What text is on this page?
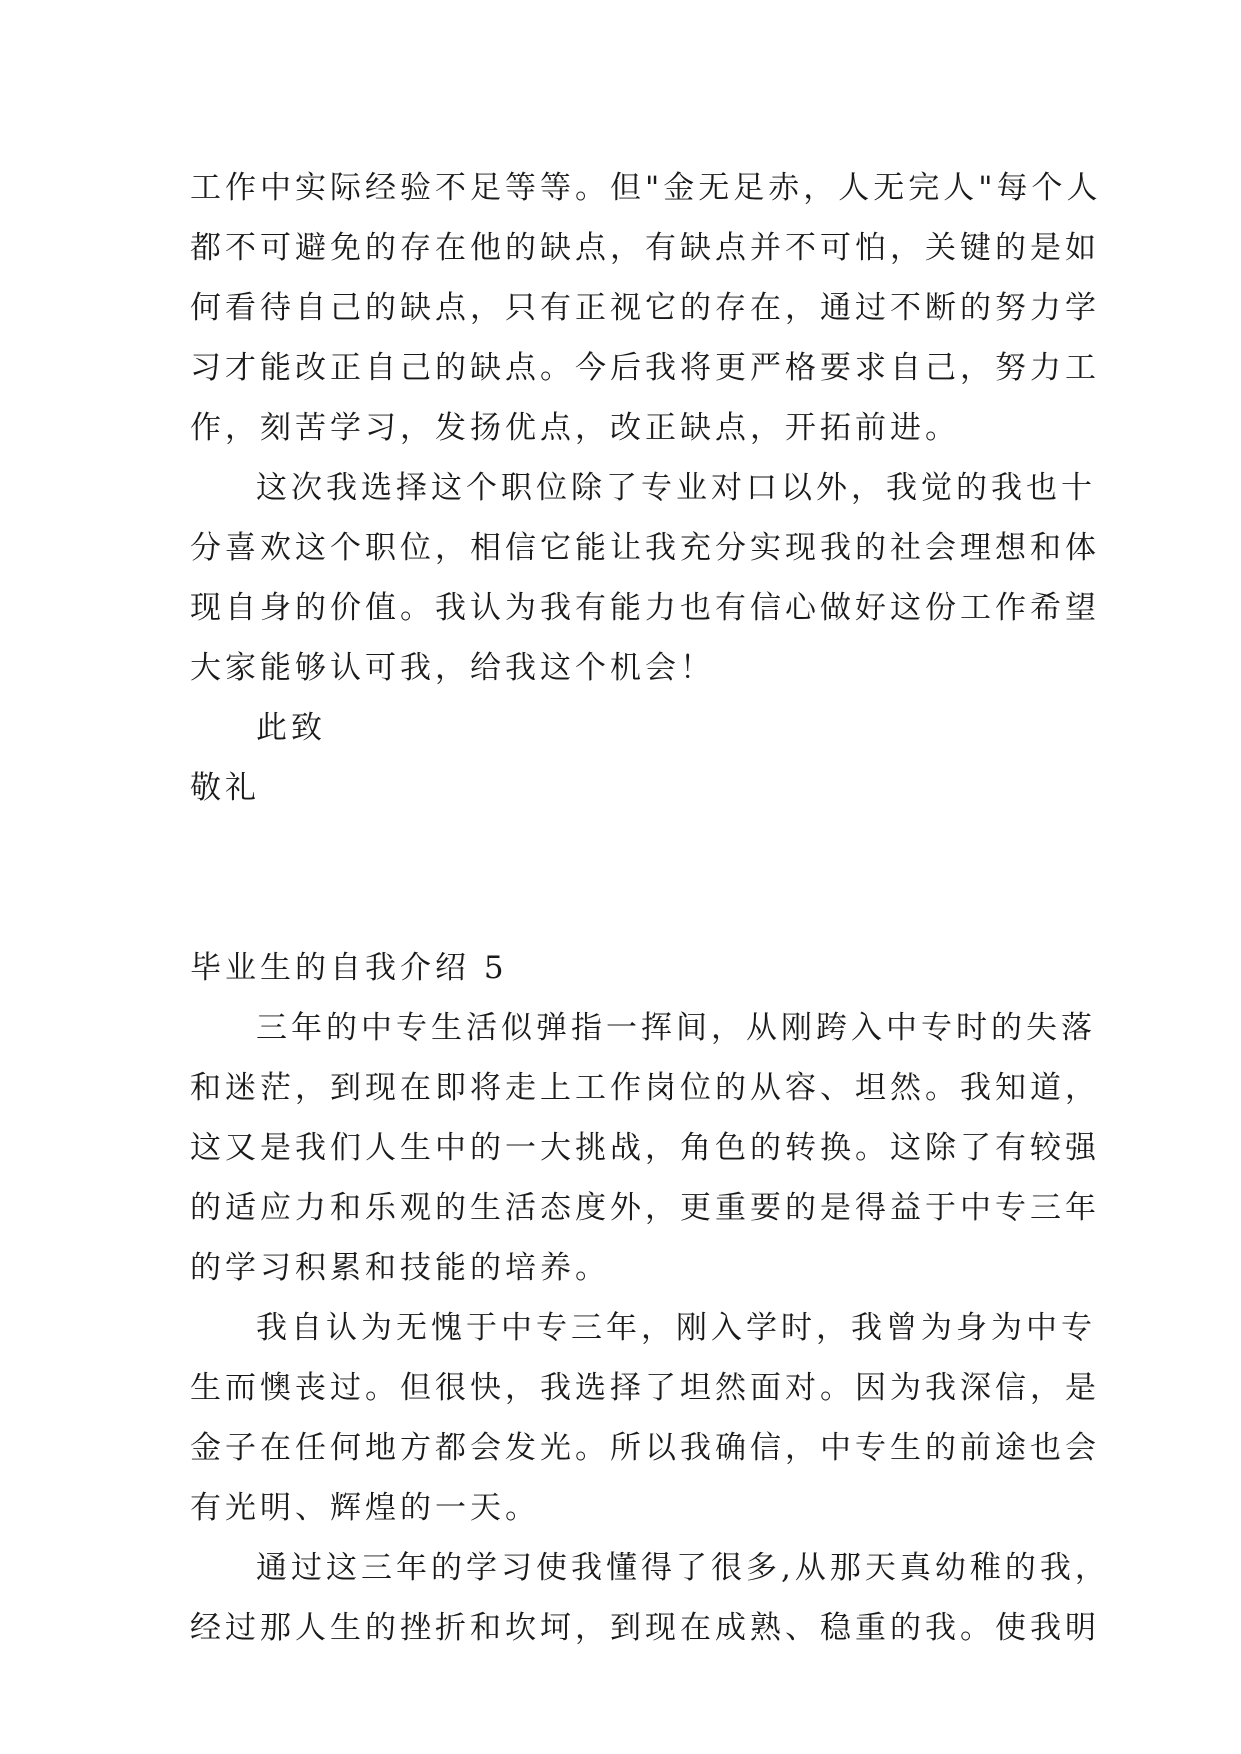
工作中实际经验不足等等。但"金无足赤，人无完人"每个人
都不可避免的存在他的缺点，有缺点并不可怕，关键的是如
何看待自己的缺点，只有正视它的存在，通过不断的努力学
习才能改正自己的缺点。今后我将更严格要求自己，努力工
作，刻苦学习，发扬优点，改正缺点，开拓前进。
这次我选择这个职位除了专业对口以外，我觉的我也十
分喜欢这个职位，相信它能让我充分实现我的社会理想和体
现自身的价值。我认为我有能力也有信心做好这份工作希望
大家能够认可我，给我这个机会！
此致
敬礼
毕业生的自我介绍 5
三年的中专生活似弹指一挥间，从刚跨入中专时的失落
和迷茫，到现在即将走上工作岗位的从容、坦然。我知道，
这又是我们人生中的一大挑战，角色的转换。这除了有较强
的适应力和乐观的生活态度外，更重要的是得益于中专三年
的学习积累和技能的培养。
我自认为无愧于中专三年，刚入学时，我曾为身为中专
生而懊丧过。但很快，我选择了坦然面对。因为我深信，是
金子在任何地方都会发光。所以我确信，中专生的前途也会
有光明、辉煌的一天。
通过这三年的学习使我懂得了很多,从那天真幼稚的我，
经过那人生的挫折和坎坷，到现在成熟、稳重的我。使我明
